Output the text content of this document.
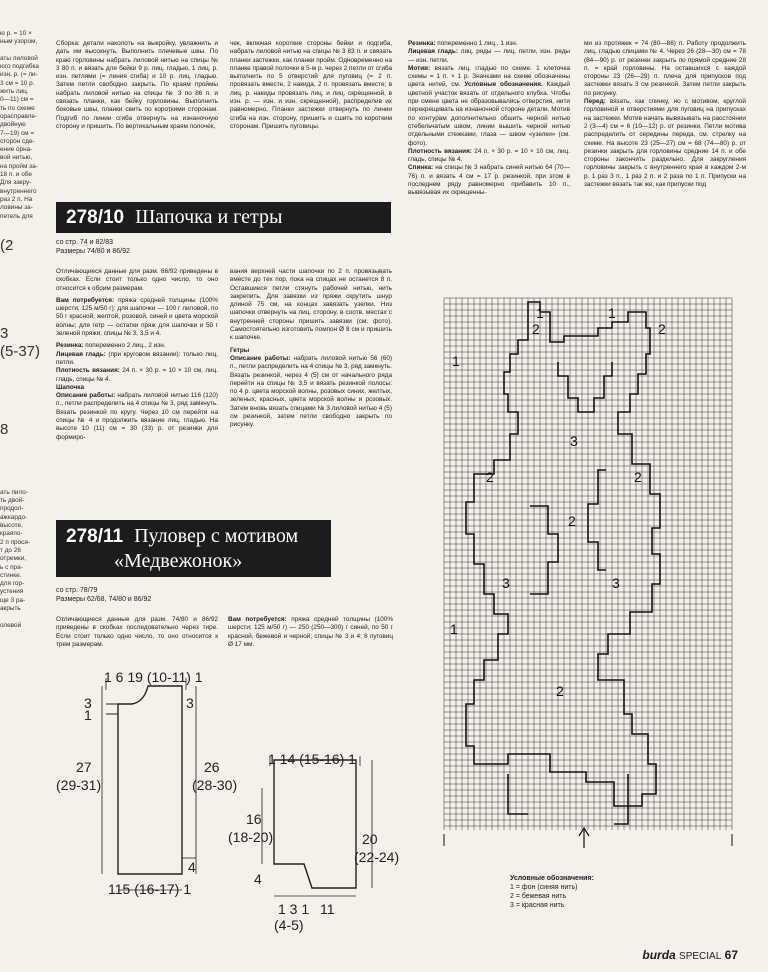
ю р. = 10 ×
ным узором,

аты лиловой
юго подгибка
изн. р. (= ли-
3 см = 10 р.
жить лиц.
0—11) см =
ть по схеме
орасправле-
двойную
7—19) см =
сторон сде-
ение орна-
вой нитью,
на пройм за-
18 п. и обе
Для закру-
внутреннего
раз 2 п. На
ловины за-
петель для
(2
3
(5-37)
8
ать пило-
ть двой-
продол-
ажкардо-
высоте,
краяпо-
2 п прося-
т до 26
отремки,
ь с пра-
стинке.
для гор-
устения
ще 3 ра-
акрыть

олевой

Сборка: детали наколоть на выкройку, увлажнить и дать им высохнуть. Выполнить плечевые швы. По краю горловины набрать лиловой нитью на спицы № 3 80 п. и вязать для бейки 9 р. лиц. гладью, 1 лиц. р. изн. петлями (= линия сгиба) и 10 р. лиц. гладью. Затем петли свободно закрыть. По краям проймы набрать лиловой нитью на спицы № 3 по 86 п. и связать планки, как бейку горловины. Выполнить боковые швы, планки свить по короткими сторонам. Подгиб по линии сгиба отвернуть на изнаночную сторону и пришить. По вертикальным краям полочек,

чек, включая короткие стороны бейки и подгиба, набрать лиловой нитью на спицы № 3 83 п. и связать планки застежки, как планки пройм. Одновременно на планке правой полочки в 5-м р. через 2 петли от сгиба выполнить по 5 отверстий для пуговиц (= 2 п. провязать вместе, 2 накида, 2 п. провязать вместе; в лиц. р. накиды провязать лиц. и лиц. скрещенной, в изн. р. — изн. и изн. скрещенной), распределив их равномерно. Планки застежки отвернуть по линии сгиба на изн. сторону, пришить и сшить по коротким сторонам. Пришить пуговицы.

278/10 Шапочка и гетры
со стр. 74 и 82/83
Размеры 74/80 и 86/92

Отличающиеся данные для разм. 86/92 приведены в скобках. Если стоит только одно число, то оно относится к обоим размерам.

Вам потребуется: пряжа средней толщины (100% шерсти; 125 м/50 г): для шапочки — 100 г лиловой, по 50 г красной, желтой, розовой, синей и цвета морской волны; для гетр — остатки пряж для шапочки и 50 г зеленой пряжи; спицы № 3, 3,5 и 4.

Резинка: попеременно 2 лиц., 2 изн.

Лицевая гладь: (при круговом вязании): только лиц. петли.

Плотность вязания: 24 п. × 30 р. = 10 × 10 см, лиц. гладь, спицы № 4.

Шапочка

Описание работы: набрать лиловой нитью 116 (120) п., петли распределить на 4 спицы № 3, ряд замкнуть. Вязать резинкой по кругу. Через 10 см перейти на спицы № 4 и продолжить вязание лиц. гладью. На высоте 10 (11) см = 30 (33) р. от резинки для формиро-

вания верхней части шапочки по 2 п. провязывать вместе до тех пор, пока на спицах не останется 8 п. Оставшиеся петли стянуть рабочей нитью, нить закрепить. Для завязки из пряжи скрутить шнур длиной 75 см, на концах завязать узелки. Низ шапочки отвернуть на лиц. сторону, в соотв. местах с внутренней стороны пришить завязки (см. фото). Самостоятельно изготовить помпон Ø 8 см и пришить к шапочке.

Гетры

Описание работы: набрать лиловой нитью 56 (60) п., петли распределить на 4 спицы № 3, ряд замкнуть. Вязать резинкой, через 4 (5) см от начального ряда перейти на спицы № 3,5 и вязать резинкой полосы: по 4 р. цвета морской волны, розовых синих, желтых, зеленых, красных, цвета морской волны и розовых. Затем вновь вязать спицами № 3 лиловой нитью 4 (5) см резинкой, затем петли свободно закрыть по рисунку.

278/11 Пуловер с мотивом
«Медвежонок»
со стр. 78/79
Размеры 62/68, 74/80 и 86/92

Отличающиеся данные для разм. 74/80 и 86/92 приведены в скобках последовательно через тире. Если стоит только одно число, то оно относится к трем размерам.

Вам потребуется: пряжа средней толщины (100% шерсти; 125 м/50 г) — 250 (250—300) г синей, по 50 г красной, бежевой и черной; спицы № 3 и 4; 8 пуговиц Ø 17 мм.

Резинка: попеременно 1 лиц., 1 изн.

Лицевая гладь: лиц. ряды — лиц. петли, изн. ряды — изн. петли.

Мотив: вязать лиц. гладью по схеме. 1 клеточка схемы = 1 п. × 1 р. Значками на схеме обозначены цвета нитей, см. Условные обозначения. Каждый цветной участок вязать от отдельного клубка. Чтобы при смене цвета не образовывались отверстия, нити перекрещивать на изнаночной стороне детали. Мотив по контурам дополнительно обшить черной нитью стебельчатым швом, линии вышить черной нитью отдельными стежками, глаза — швом «узелки» (см. фото).

Плотность вязания: 24 п. × 30 р. = 10 × 10 см, лиц. гладь, спицы № 4.

Спинка: на спицы № 3 набрать синей нитью 64 (70—76) п. и вязать 4 см = 17 р. резинкой, при этом в последнем ряду равномерно прибавить 10 п., вывязывая их скрещенны-

ми из протяжек = 74 (80—86) п. Работу продолжить лиц. гладью спицами № 4. Через 26 (28—30) см = 78 (84—90) р. от резинки закрыть по прямой средние 28 п. = край горловины. На оставшихся с каждой стороны 23 (26—29) п. плеча для припусков под застежки вязать 3 см резинкой. Затем петли закрыть по рисунку.

Перед: вязать, как спинку, но с мотивом, круглой горловиной и отверстиями для пуговиц на припусках на застежки. Мотив начать вывязывать на расстоянии 2 (3—4) см = 6 (10—12) р. от резинки. Петли мотива распределить от середины переда, см. стрелку на схеме. На высоте 23 (25—27) см = 68 (74—80) р. от резинки закрыть для горловины средние 14 п. и обе стороны закончить раздельно. Для закругления горловины закрыть с внутреннего края в каждом 2-м р. 1 раз 3 п., 1 раз 2 п. и 2 раза по 1 п. Припуски на застежки вязать так же, как припуски под

1 6 19 (10-11) 1
3
1
3
27
(29-31)
26
(28-30)
4
115 (16-17) 1
1 14 (15-16) 1
16
(18-20)	20
(22-24)
4
1 3 1
(4-5)
11
1	1
2	2
1
3
2	2
2
3	3
2
1
Условные обозначения:
1 = фон (синяя нить)
2 = бежевая нить
3 = красная нить
burda SPECIAL 67
